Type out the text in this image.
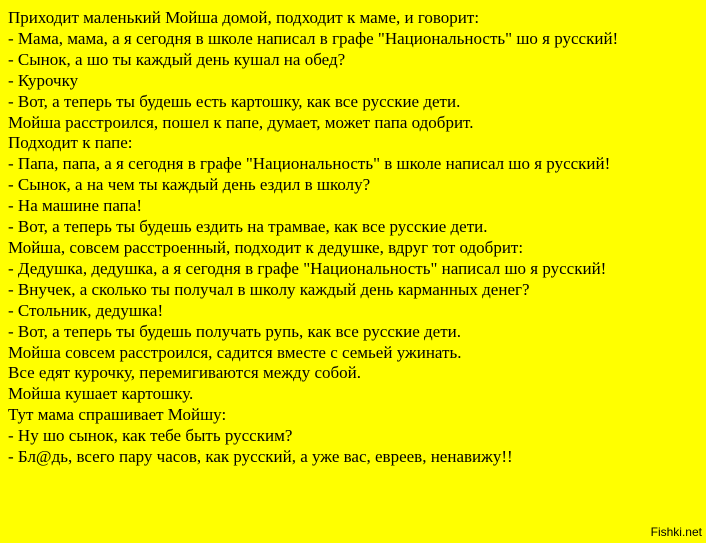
Приходит маленький Мойша домой, подходит к маме, и говорит:
- Мама, мама, а я сегодня в школе написал в графе "Национальность" шо я русский!
- Сынок, а шо ты каждый день кушал на обед?
- Курочку
- Вот, а теперь ты будешь есть картошку, как все русские дети.
Мойша расстроился, пошел к папе, думает, может папа одобрит.
Подходит к папе:
- Папа, папа, а я сегодня в графе "Национальность" в школе написал шо я русский!
- Сынок, а на чем ты каждый день ездил в школу?
- На машине папа!
- Вот, а теперь ты будешь ездить на трамвае, как все русские дети.
Мойша, совсем расстроенный, подходит к дедушке, вдруг тот одобрит:
- Дедушка, дедушка, а я сегодня в графе "Национальность" написал шо я русский!
- Внучек, а сколько ты получал в школу каждый день карманных денег?
- Стольник, дедушка!
- Вот, а теперь ты будешь получать рупь, как все русские дети.
Мойша совсем расстроился, садится вместе с семьей ужинать.
Все едят курочку, перемигиваются между собой.
Мойша кушает картошку.
Тут мама спрашивает Мойшу:
- Ну шо сынок, как тебе быть русским?
- Бл@дь, всего пару часов, как русский, а уже вас, евреев, ненавижу!!
Fishki.net
